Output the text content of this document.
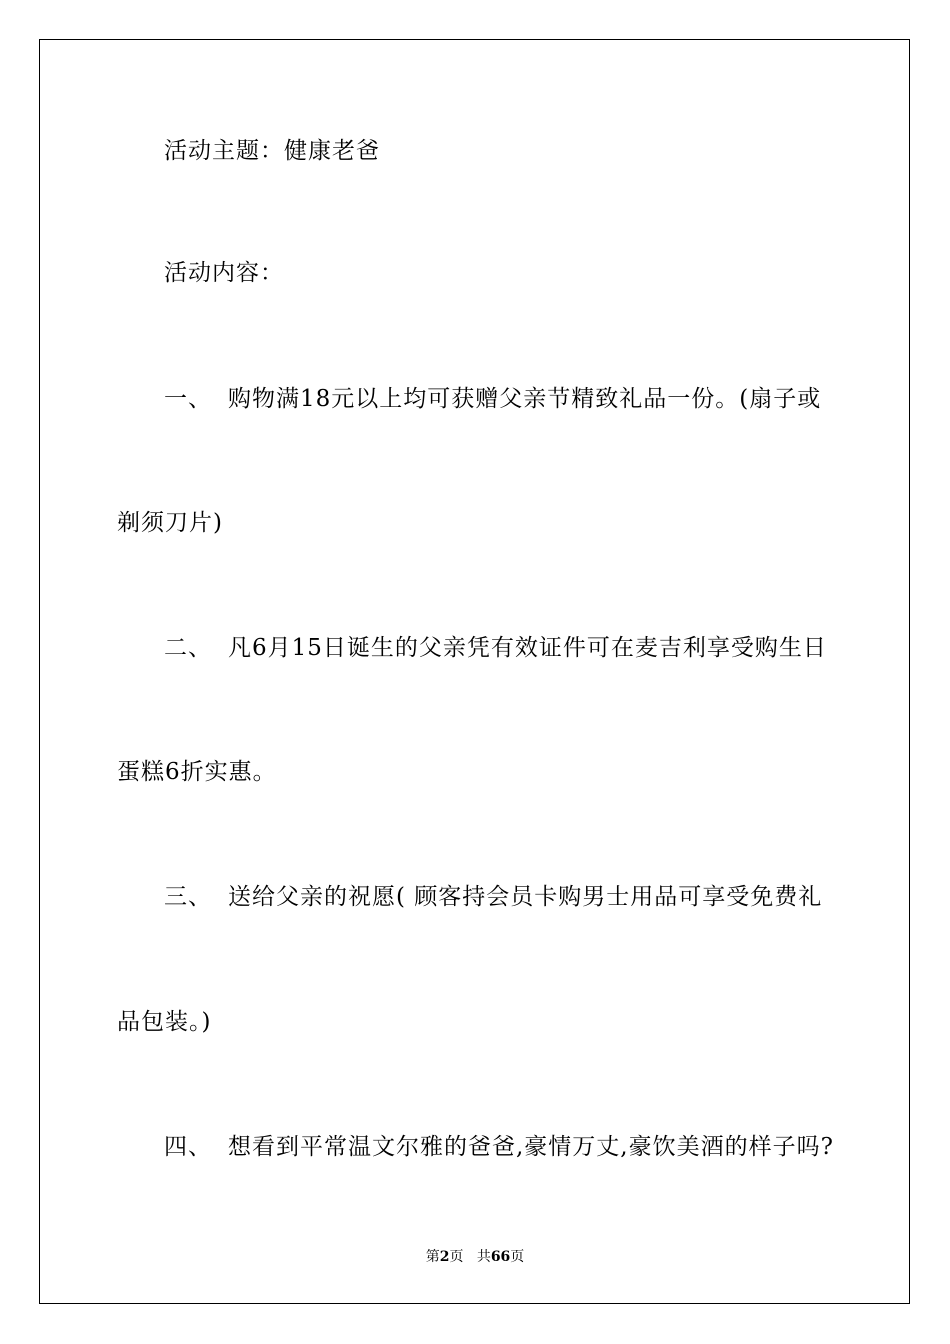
活动主题：健康老爸
活动内容：
一、 购物满18元以上均可获赠父亲节精致礼品一份。(扇子或
剃须刀片)
二、 凡6月15日诞生的父亲凭有效证件可在麦吉利享受购生日
蛋糕6折实惠。
三、 送给父亲的祝愿( 顾客持会员卡购男士用品可享受免费礼
品包装。)
四、 想看到平常温文尔雅的爸爸,豪情万丈,豪饮美酒的样子吗?
第2页 共66页
